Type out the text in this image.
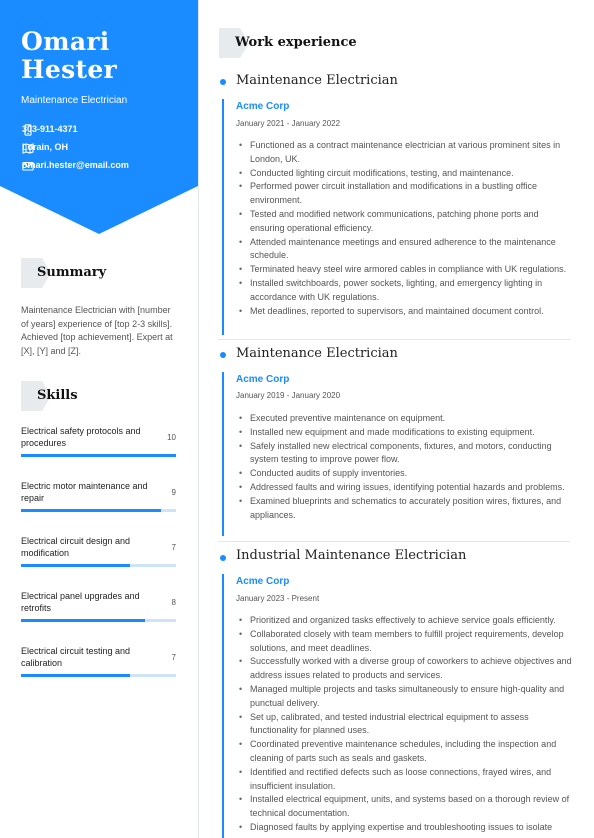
Omari
Hester
Maintenance Electrician
303-911-4371
Lorain, OH
omari.hester@email.com
Summary
Maintenance Electrician with [number of years] experience of [top 2-3 skills]. Achieved [top achievement]. Expert at [X], [Y] and [Z].
Skills
Electrical safety protocols and procedures
10
Electric motor maintenance and repair
9
Electrical circuit design and modification
7
Electrical panel upgrades and retrofits
8
Electrical circuit testing and calibration
7
Work experience
Maintenance Electrician
Acme Corp
January 2021 - January 2022
• Functioned as a contract maintenance electrician at various prominent sites in London, UK.
• Conducted lighting circuit modifications, testing, and maintenance.
• Performed power circuit installation and modifications in a bustling office environment.
• Tested and modified network communications, patching phone ports and ensuring operational efficiency.
• Attended maintenance meetings and ensured adherence to the maintenance schedule.
• Terminated heavy steel wire armored cables in compliance with UK regulations.
• Installed switchboards, power sockets, lighting, and emergency lighting in accordance with UK regulations.
• Met deadlines, reported to supervisors, and maintained document control.
Maintenance Electrician
Acme Corp
January 2019 - January 2020
• Executed preventive maintenance on equipment.
• Installed new equipment and made modifications to existing equipment.
• Safely installed new electrical components, fixtures, and motors, conducting system testing to improve power flow.
• Conducted audits of supply inventories.
• Addressed faults and wiring issues, identifying potential hazards and problems.
• Examined blueprints and schematics to accurately position wires, fixtures, and appliances.
Industrial Maintenance Electrician
Acme Corp
January 2023 - Present
• Prioritized and organized tasks effectively to achieve service goals efficiently.
• Collaborated closely with team members to fulfill project requirements, develop solutions, and meet deadlines.
• Successfully worked with a diverse group of coworkers to achieve objectives and address issues related to products and services.
• Managed multiple projects and tasks simultaneously to ensure high-quality and punctual delivery.
• Set up, calibrated, and tested industrial electrical equipment to assess functionality for planned uses.
• Coordinated preventive maintenance schedules, including the inspection and cleaning of parts such as seals and gaskets.
• Identified and rectified defects such as loose connections, frayed wires, and insufficient insulation.
• Installed electrical equipment, units, and systems based on a thorough review of technical documentation.
• Diagnosed faults by applying expertise and troubleshooting issues to isolate
